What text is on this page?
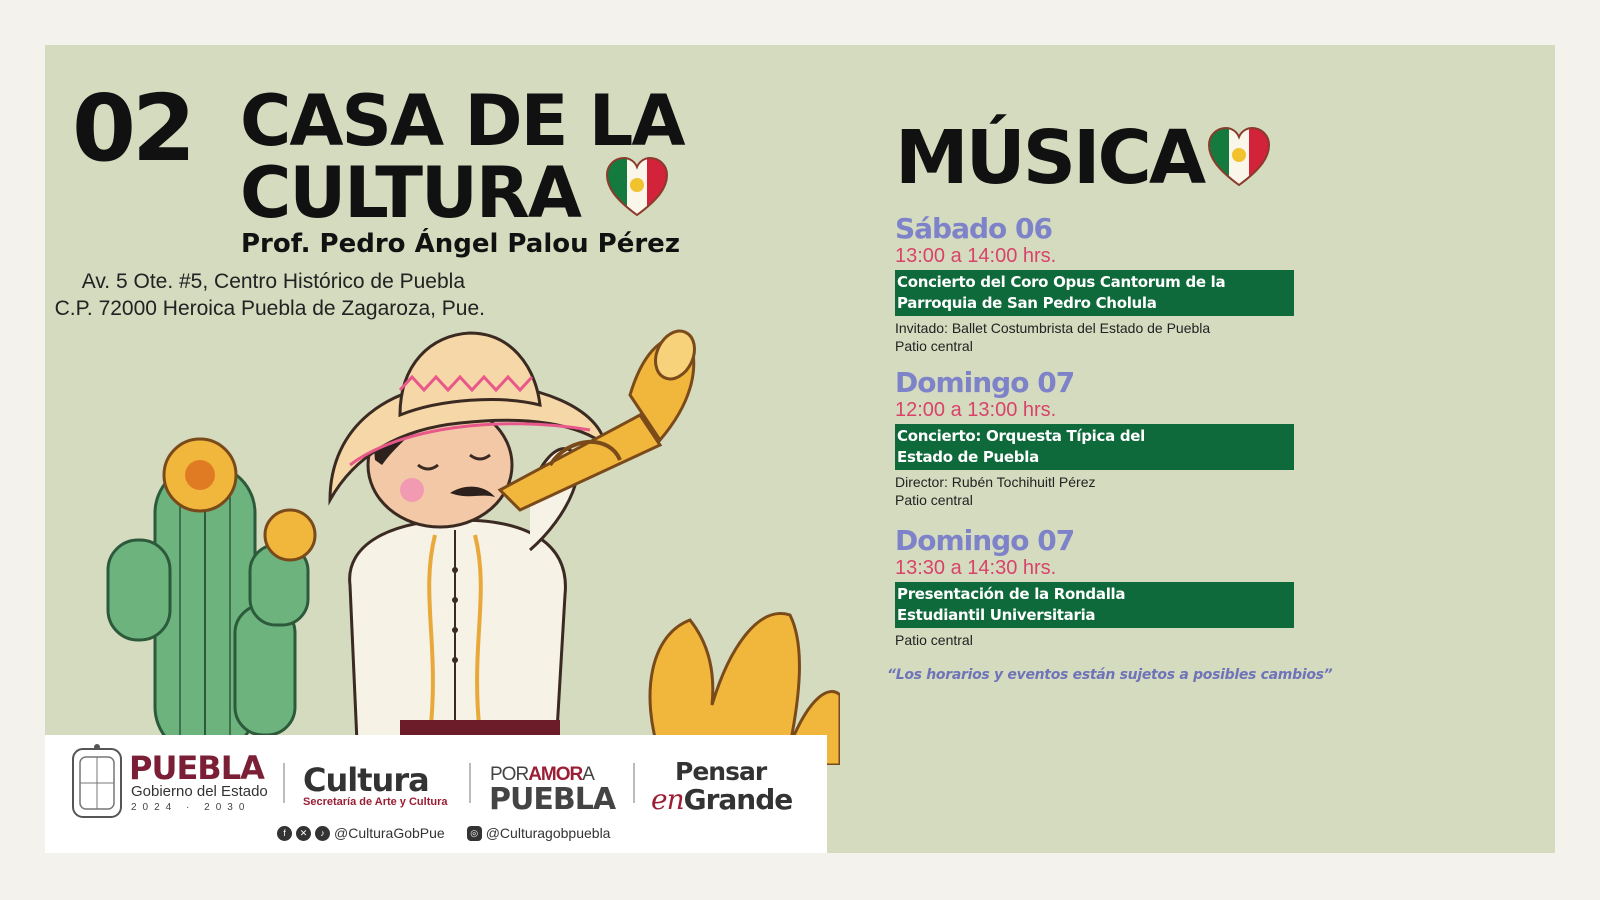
02 CASA DE LA
CULTURA
Prof. Pedro Ángel Palou Pérez
Av. 5 Ote. #5, Centro Histórico de Puebla
C.P. 72000 Heroica Puebla de Zagaroza, Pue.
PUEBLA
Gobierno del Estado
2024 · 2030
Cultura
Secretaría de Arte y Cultura
PORAMORA
PUEBLA
Pensar
enGrande
f	✕	♪ @CulturaGobPue	◎ @Culturagobpuebla
MÚSICA
Sábado 06
13:00 a 14:00 hrs.
Concierto del Coro Opus Cantorum de la
Parroquia de San Pedro Cholula
Invitado: Ballet Costumbrista del Estado de Puebla
Patio central
Domingo 07
12:00 a 13:00 hrs.
Concierto: Orquesta Típica del
Estado de Puebla
Director: Rubén Tochihuitl Pérez
Patio central
Domingo 07
13:30 a 14:30 hrs.
Presentación de la Rondalla
Estudiantil Universitaria
Patio central
“Los horarios y eventos están sujetos a posibles cambios”
